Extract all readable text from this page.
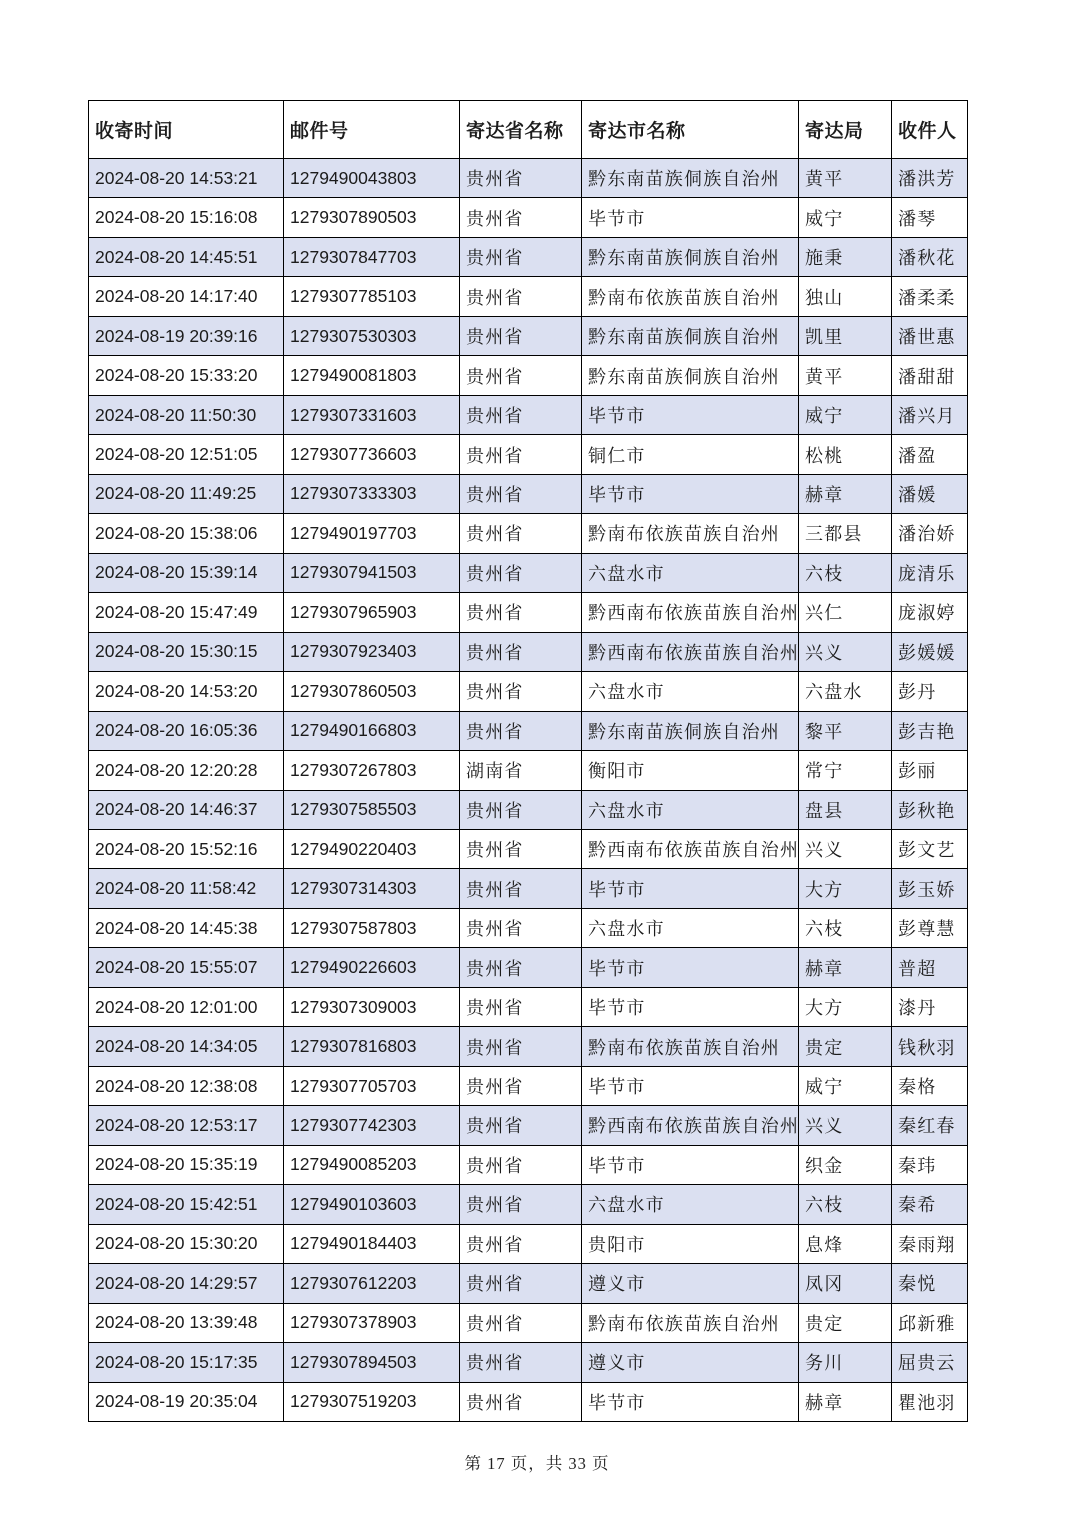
收寄时间	邮件号	寄达省名称	寄达市名称	寄达局	收件人
2024-08-20 14:53:21	1279490043803	贵州省	黔东南苗族侗族自治州	黄平	潘洪芳
2024-08-20 15:16:08	1279307890503	贵州省	毕节市	威宁	潘琴
2024-08-20 14:45:51	1279307847703	贵州省	黔东南苗族侗族自治州	施秉	潘秋花
2024-08-20 14:17:40	1279307785103	贵州省	黔南布依族苗族自治州	独山	潘柔柔
2024-08-19 20:39:16	1279307530303	贵州省	黔东南苗族侗族自治州	凯里	潘世惠
2024-08-20 15:33:20	1279490081803	贵州省	黔东南苗族侗族自治州	黄平	潘甜甜
2024-08-20 11:50:30	1279307331603	贵州省	毕节市	威宁	潘兴月
2024-08-20 12:51:05	1279307736603	贵州省	铜仁市	松桃	潘盈
2024-08-20 11:49:25	1279307333303	贵州省	毕节市	赫章	潘媛
2024-08-20 15:38:06	1279490197703	贵州省	黔南布依族苗族自治州	三都县	潘治娇
2024-08-20 15:39:14	1279307941503	贵州省	六盘水市	六枝	庞清乐
2024-08-20 15:47:49	1279307965903	贵州省	黔西南布依族苗族自治州	兴仁	庞淑婷
2024-08-20 15:30:15	1279307923403	贵州省	黔西南布依族苗族自治州	兴义	彭媛媛
2024-08-20 14:53:20	1279307860503	贵州省	六盘水市	六盘水	彭丹
2024-08-20 16:05:36	1279490166803	贵州省	黔东南苗族侗族自治州	黎平	彭吉艳
2024-08-20 12:20:28	1279307267803	湖南省	衡阳市	常宁	彭丽
2024-08-20 14:46:37	1279307585503	贵州省	六盘水市	盘县	彭秋艳
2024-08-20 15:52:16	1279490220403	贵州省	黔西南布依族苗族自治州	兴义	彭文艺
2024-08-20 11:58:42	1279307314303	贵州省	毕节市	大方	彭玉娇
2024-08-20 14:45:38	1279307587803	贵州省	六盘水市	六枝	彭尊慧
2024-08-20 15:55:07	1279490226603	贵州省	毕节市	赫章	普超
2024-08-20 12:01:00	1279307309003	贵州省	毕节市	大方	漆丹
2024-08-20 14:34:05	1279307816803	贵州省	黔南布依族苗族自治州	贵定	钱秋羽
2024-08-20 12:38:08	1279307705703	贵州省	毕节市	威宁	秦格
2024-08-20 12:53:17	1279307742303	贵州省	黔西南布依族苗族自治州	兴义	秦红春
2024-08-20 15:35:19	1279490085203	贵州省	毕节市	织金	秦玮
2024-08-20 15:42:51	1279490103603	贵州省	六盘水市	六枝	秦希
2024-08-20 15:30:20	1279490184403	贵州省	贵阳市	息烽	秦雨翔
2024-08-20 14:29:57	1279307612203	贵州省	遵义市	凤冈	秦悦
2024-08-20 13:39:48	1279307378903	贵州省	黔南布依族苗族自治州	贵定	邱新雅
2024-08-20 15:17:35	1279307894503	贵州省	遵义市	务川	屈贵云
2024-08-19 20:35:04	1279307519203	贵州省	毕节市	赫章	瞿池羽
第 17 页，共 33 页
